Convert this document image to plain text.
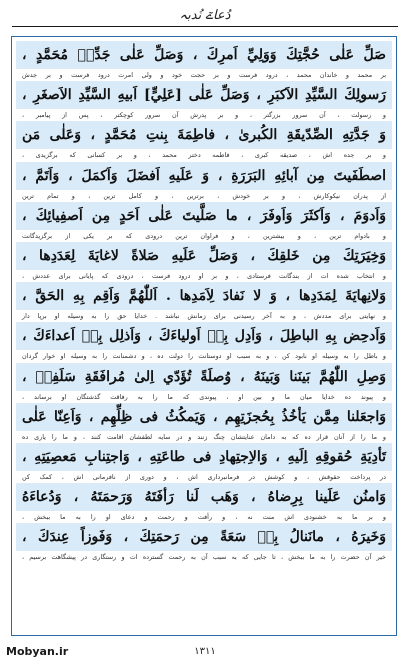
دُعاےٓ نُدبہ
صَلِّ عَلٰى حُجَّتِكَ وَوَلِيِّ اَمرِكَ ، وَصَلِّ عَلٰى جَدِّهٖ مُحَمَّدٍ ،
بر محمد و خاندان محمد ، درود فرست و بر حجت خود و ولی امرت درود فرست و بر جدش
رَسولِكَ السَّيِّدِ الاَكبَرِ ، وَصَلِّ عَلٰى [عَلِيٍّ] اَبيهِ السَّيِّدِ الاَصغَرِ ،
و رسولت ، آن سرور بزرگتر ، و بر پدرش آن سرور کوچکتر ، پس از پیامبر ،
وَ جَدَّتِهِ الصِّدّيقَةِ الكُبرىٰ ، فاطِمَةَ بِنتِ مُحَمَّدٍ ، وَعَلٰى مَن
و بر جده اش ، صدیقه کبری ، فاطمه دختر محمد ، و بر کسانی که برگزیدی ،
اصطَفَيتَ مِن آبائِهِ البَرَرَةِ ، وَ عَلَيهِ اَفضَلَ وَاَكمَلَ ، وَاَتَمَّ ،
از پدران نیکوکارش ، و بر خودش ، برترین ، و کامل ترین ، و تمام ترین
وَاَدوَمَ ، وَاَكثَرَ وَاَوفَرَ ، ما صَلَّيتَ عَلٰى اَحَدٍ مِن اَصفِيائِكَ ،
و بادوام ترین ، و بیشترین ، و فراوان ترین درودی که بر یکی از برگزیدگانت
وَخِيَرَتِكَ مِن خَلقِكَ ، وَصَلِّ عَلَيهِ صَلاةً لاغايَةَ لِعَدَدِها ،
و انتخاب شده ات از بندگانت فرستادی ، و بر او درود فرست ، درودی که پایانی برای عددش ،
وَلانِهايَةَ لِمَدَدِها ، وَ لا نَفادَ لِاَمَدِها . اَللّٰهُمَّ وَاَقِم بِهِ الحَقَّ ،
و نهایتی برای مددش ، و به آخر رسیدنی برای زمانش نباشد . خدایا حق را به وسیله او برپا دار
وَاَدحِض بِهِ الباطِلَ ، وَاَدِل بِهٖ اَولياءَكَ ، وَاَذلِل بِهٖ اَعداءَكَ ،
و باطل را به وسیله او نابود کن ، و به سبب او دوستانت را دولت ده ، و دشمنانت را به وسیله او خوار گردان
وَصِلِ اللّٰهُمَّ بَينَنا وَبَينَهُ ، وُصلَةً تُؤَدّي اِلىٰ مُرافَقَةِ سَلَفِهٖ ،
و پیوند ده خدایا میان ما و بین او ، پیوندی که ما را به رفاقت گذشتگان او برساند ،
وَاجعَلنا مِمَّن يَأخُذُ بِحُجزَتِهِم ، وَيَمكُثُ فى ظِلِّهِم ، وَاَعِنّا عَلٰى
و ما را از آنان قرار ده که به دامان عنایتشان چنگ زنند و در سایه لطفشان اقامت کنند ، و ما را یاری ده
تَأدِيَةِ حُقوقِهِ اِلَيهِ ، وَالاِجتِهادِ فى طاعَتِهِ ، وَاجتِنابِ مَعصِيَتِهِ ،
در پرداخت حقوقش ، و کوشش در فرمانبرداری اش ، و دوری از نافرمانی اش ، کمک کن
وَامنُن عَلَينا بِرِضاهُ ، وَهَب لَنا رَأفَتَهُ وَرَحمَتَهُ ، وَدُعاءَهُ
و بر ما به خشنودی اش منت نه ، و رأفت و رحمت و دعای او را به ما ببخش ،
وَخَيرَهُ ، مانَنالُ بِهٖ سَعَةً مِن رَحمَتِكَ ، وَفَوزاً عِندَكَ ،
خیر آن حضرت را به ما ببخش ، تا جایی که به سبب آن به رحمت گسترده ات و رستگاری در پیشگاهت برسیم ،
Mobyan.ir	۱۳۱۱
